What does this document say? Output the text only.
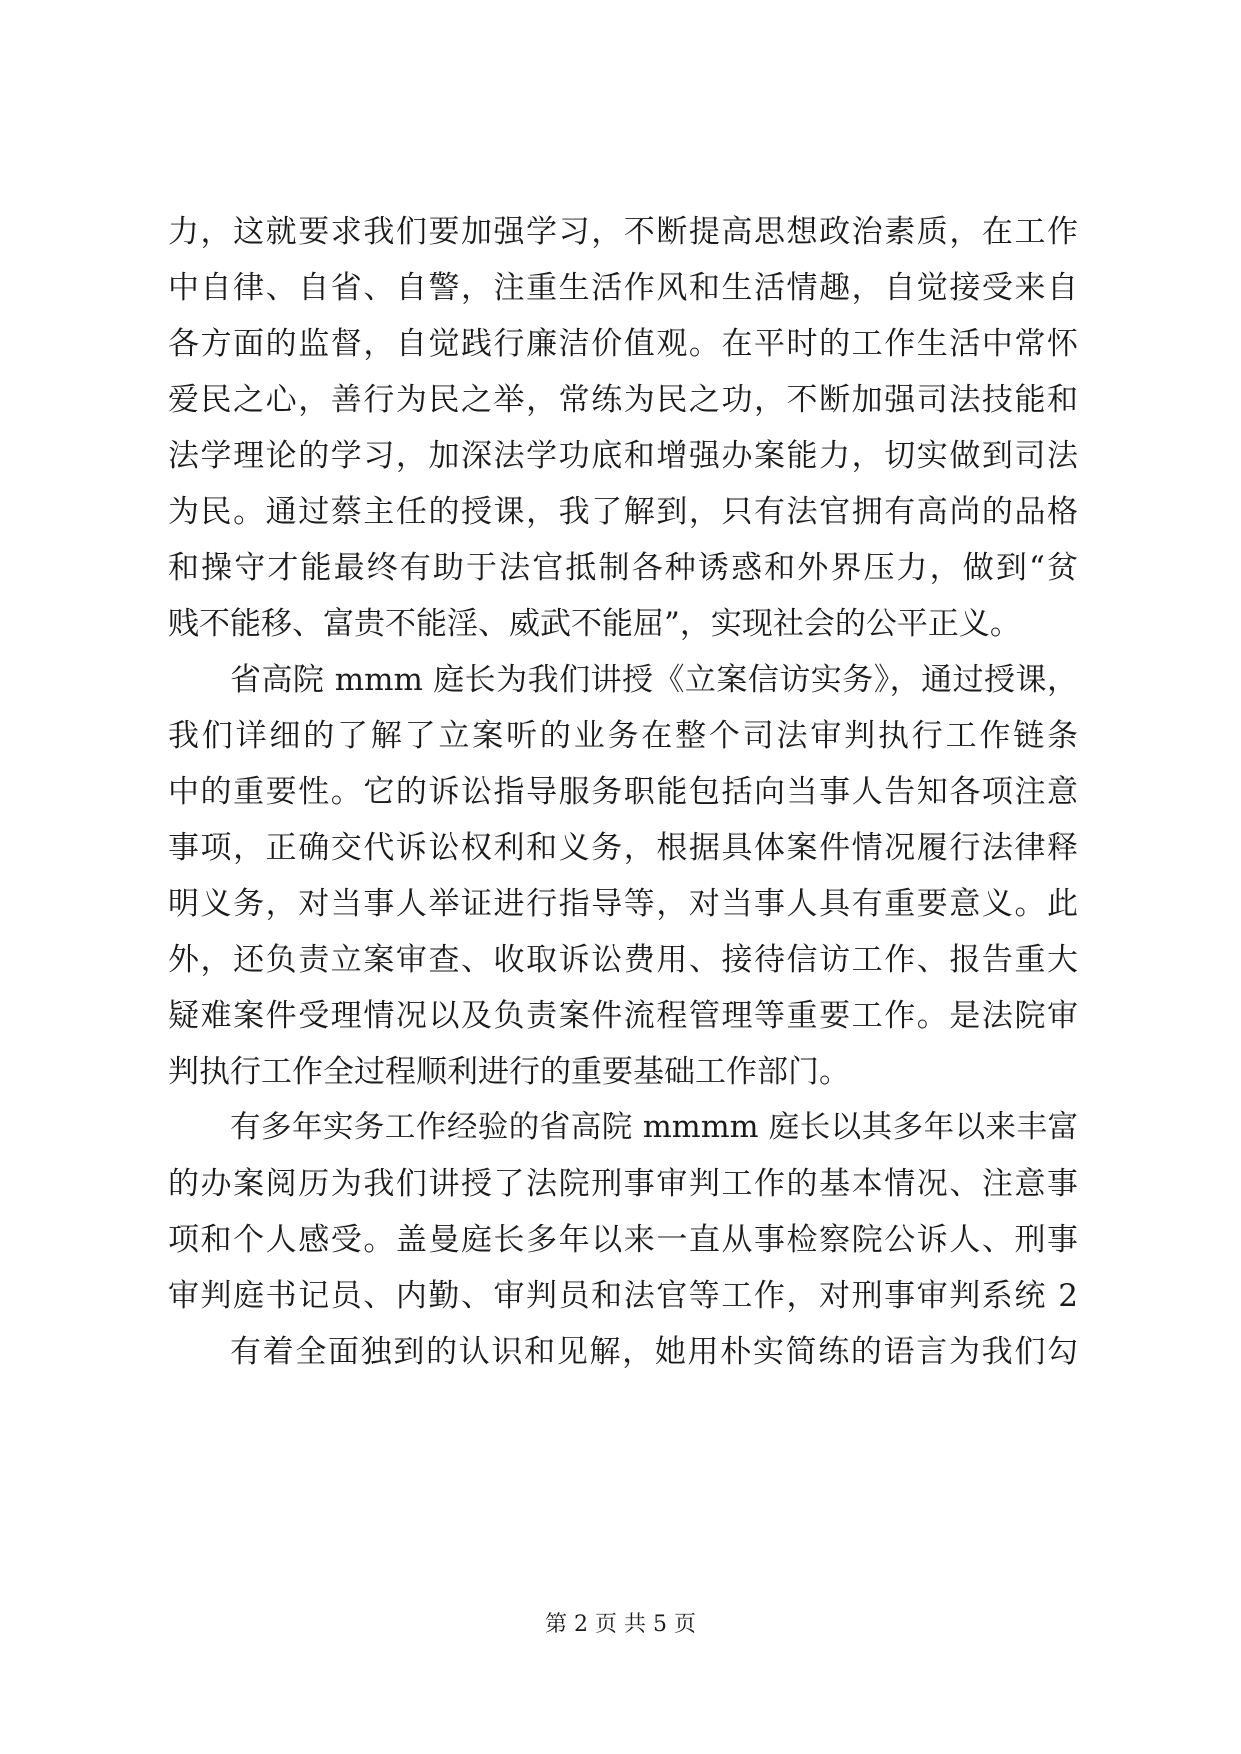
力，这就要求我们要加强学习，不断提高思想政治素质，在工作
中自律、自省、自警，注重生活作风和生活情趣，自觉接受来自
各方面的监督，自觉践行廉洁价值观。在平时的工作生活中常怀
爱民之心，善行为民之举，常练为民之功，不断加强司法技能和
法学理论的学习，加深法学功底和增强办案能力，切实做到司法
为民。通过蔡主任的授课，我了解到，只有法官拥有高尚的品格
和操守才能最终有助于法官抵制各种诱惑和外界压力，做到“贫
贱不能移、富贵不能淫、威武不能屈”，实现社会的公平正义。
省高院 mmm 庭长为我们讲授《立案信访实务》，通过授课，
我们详细的了解了立案听的业务在整个司法审判执行工作链条
中的重要性。它的诉讼指导服务职能包括向当事人告知各项注意
事项，正确交代诉讼权利和义务，根据具体案件情况履行法律释
明义务，对当事人举证进行指导等，对当事人具有重要意义。此
外，还负责立案审查、收取诉讼费用、接待信访工作、报告重大
疑难案件受理情况以及负责案件流程管理等重要工作。是法院审
判执行工作全过程顺利进行的重要基础工作部门。
有多年实务工作经验的省高院 mmmm 庭长以其多年以来丰富
的办案阅历为我们讲授了法院刑事审判工作的基本情况、注意事
项和个人感受。盖曼庭长多年以来一直从事检察院公诉人、刑事
审判庭书记员、内勤、审判员和法官等工作，对刑事审判系统 2
有着全面独到的认识和见解，她用朴实简练的语言为我们勾
第 2 页 共 5 页
